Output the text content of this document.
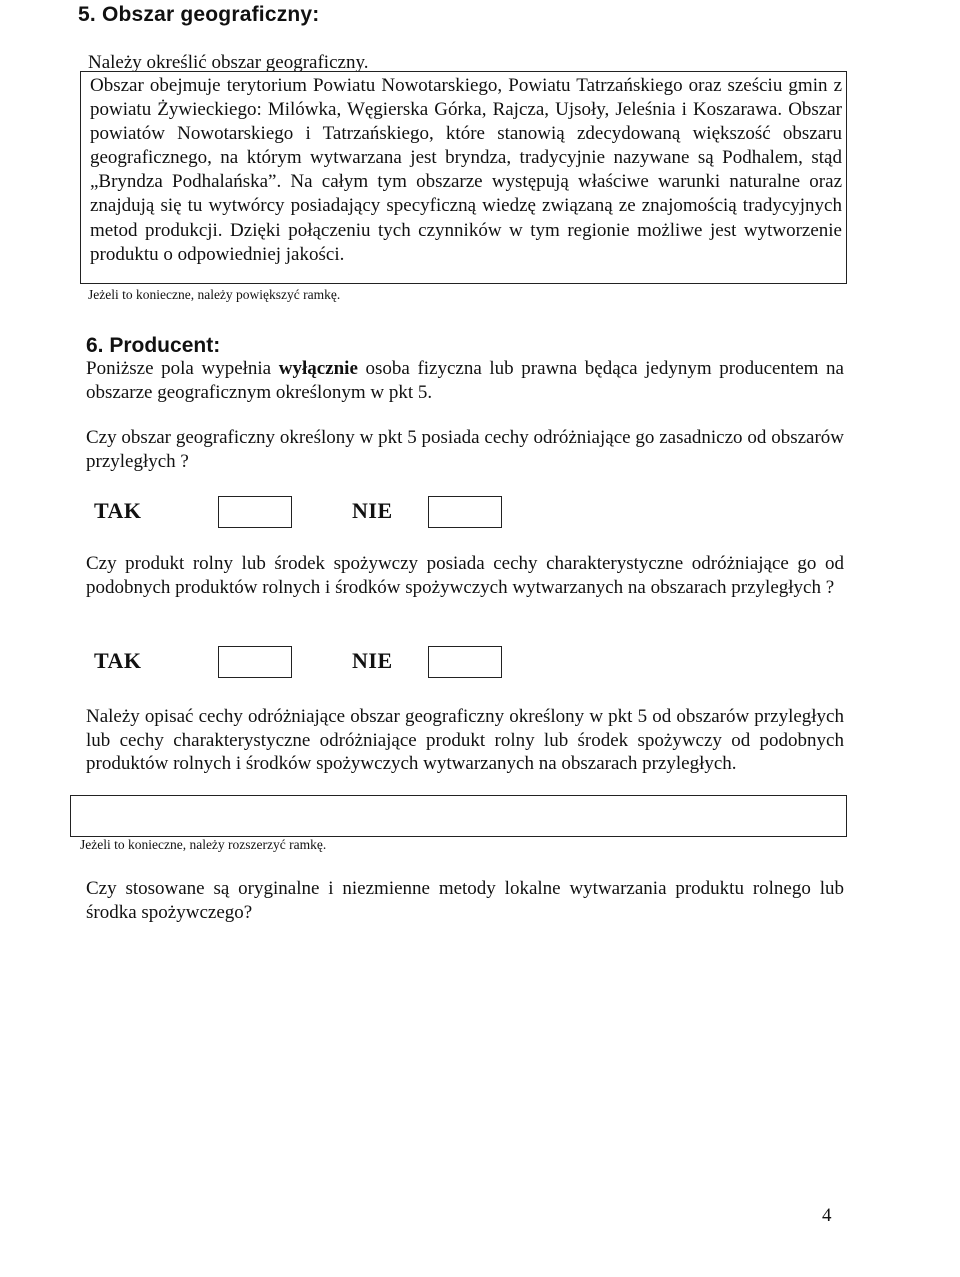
5. Obszar geograficzny:
Należy określić obszar geograficzny.

Obszar obejmuje terytorium Powiatu Nowotarskiego, Powiatu Tatrzańskiego oraz sześciu gmin z powiatu Żywieckiego: Milówka, Węgierska Górka, Rajcza, Ujsoły, Jeleśnia i Koszarawa. Obszar powiatów Nowotarskiego i Tatrzańskiego, które stanowią zdecydowaną większość obszaru geograficznego, na którym wytwarzana jest bryndza, tradycyjnie nazywane są Podhalem, stąd „Bryndza Podhalańska”. Na całym tym obszarze występują właściwe warunki naturalne oraz znajdują się tu wytwórcy posiadający specyficzną wiedzę związaną ze znajomością tradycyjnych metod produkcji. Dzięki połączeniu tych czynników w tym regionie możliwe jest wytworzenie produktu o odpowiedniej jakości.

Jeżeli to konieczne, należy powiększyć ramkę.
6. Producent:

Poniższe pola wypełnia wyłącznie osoba fizyczna lub prawna będąca jedynym producentem na obszarze geograficznym określonym w pkt 5.

Czy obszar geograficzny określony w pkt 5 posiada cechy odróżniające go zasadniczo od obszarów przyległych ?

TAK	NIE

Czy produkt rolny lub środek spożywczy posiada cechy charakterystyczne odróżniające go od podobnych produktów rolnych i środków spożywczych wytwarzanych na obszarach przyległych ?

TAK	NIE

Należy opisać cechy odróżniające obszar geograficzny określony w pkt 5 od obszarów przyległych lub cechy charakterystyczne odróżniające produkt rolny lub środek spożywczy od podobnych produktów rolnych i środków spożywczych wytwarzanych na obszarach przyległych.

Jeżeli to konieczne, należy rozszerzyć ramkę.

Czy stosowane są oryginalne i niezmienne metody lokalne wytwarzania produktu rolnego lub środka spożywczego?

4
